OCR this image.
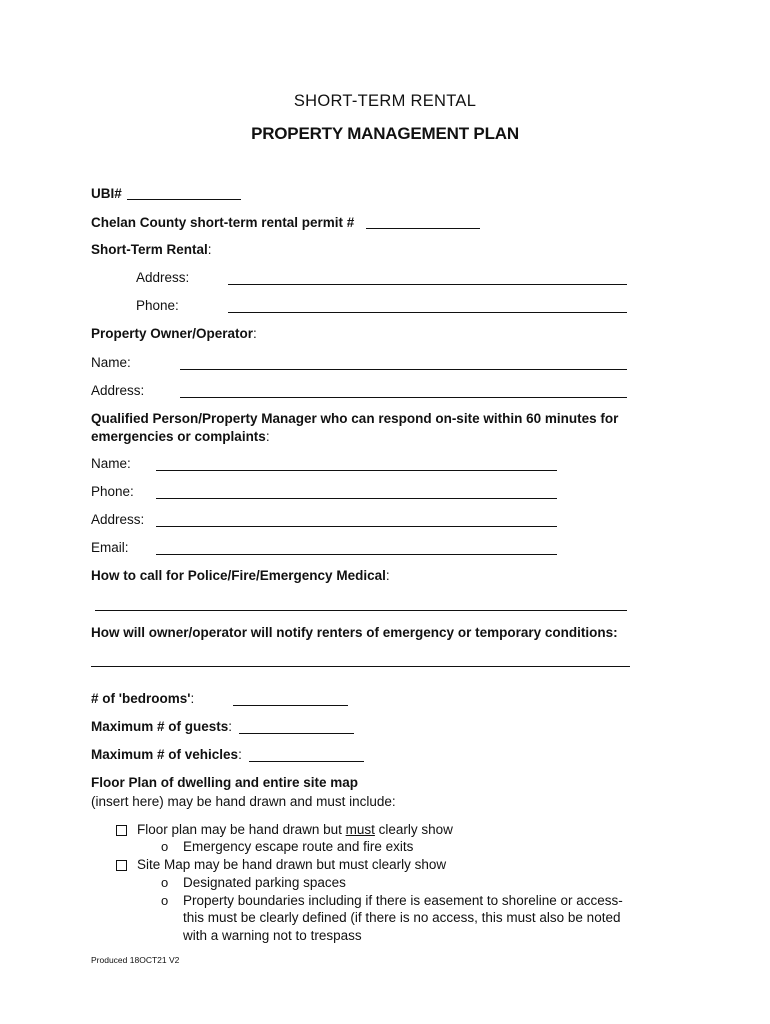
SHORT-TERM RENTAL
PROPERTY MANAGEMENT PLAN
UBI#
Chelan County short-term rental permit #
Short-Term Rental:
Address:
Phone:
Property Owner/Operator:
Name:
Address:
Qualified Person/Property Manager who can respond on-site within 60 minutes for
emergencies or complaints:
Name:
Phone:
Address:
Email:
How to call for Police/Fire/Emergency Medical:
How will owner/operator will notify renters of emergency or temporary conditions:
# of 'bedrooms':
Maximum # of guests:
Maximum # of vehicles:
Floor Plan of dwelling and entire site map
(insert here) may be hand drawn and must include:
Floor plan may be hand drawn but must clearly show
o Emergency escape route and fire exits
Site Map may be hand drawn but must clearly show
o Designated parking spaces
o Property boundaries including if there is easement to shoreline or access-
this must be clearly defined (if there is no access, this must also be noted
with a warning not to trespass
Produced 18OCT21 V2
